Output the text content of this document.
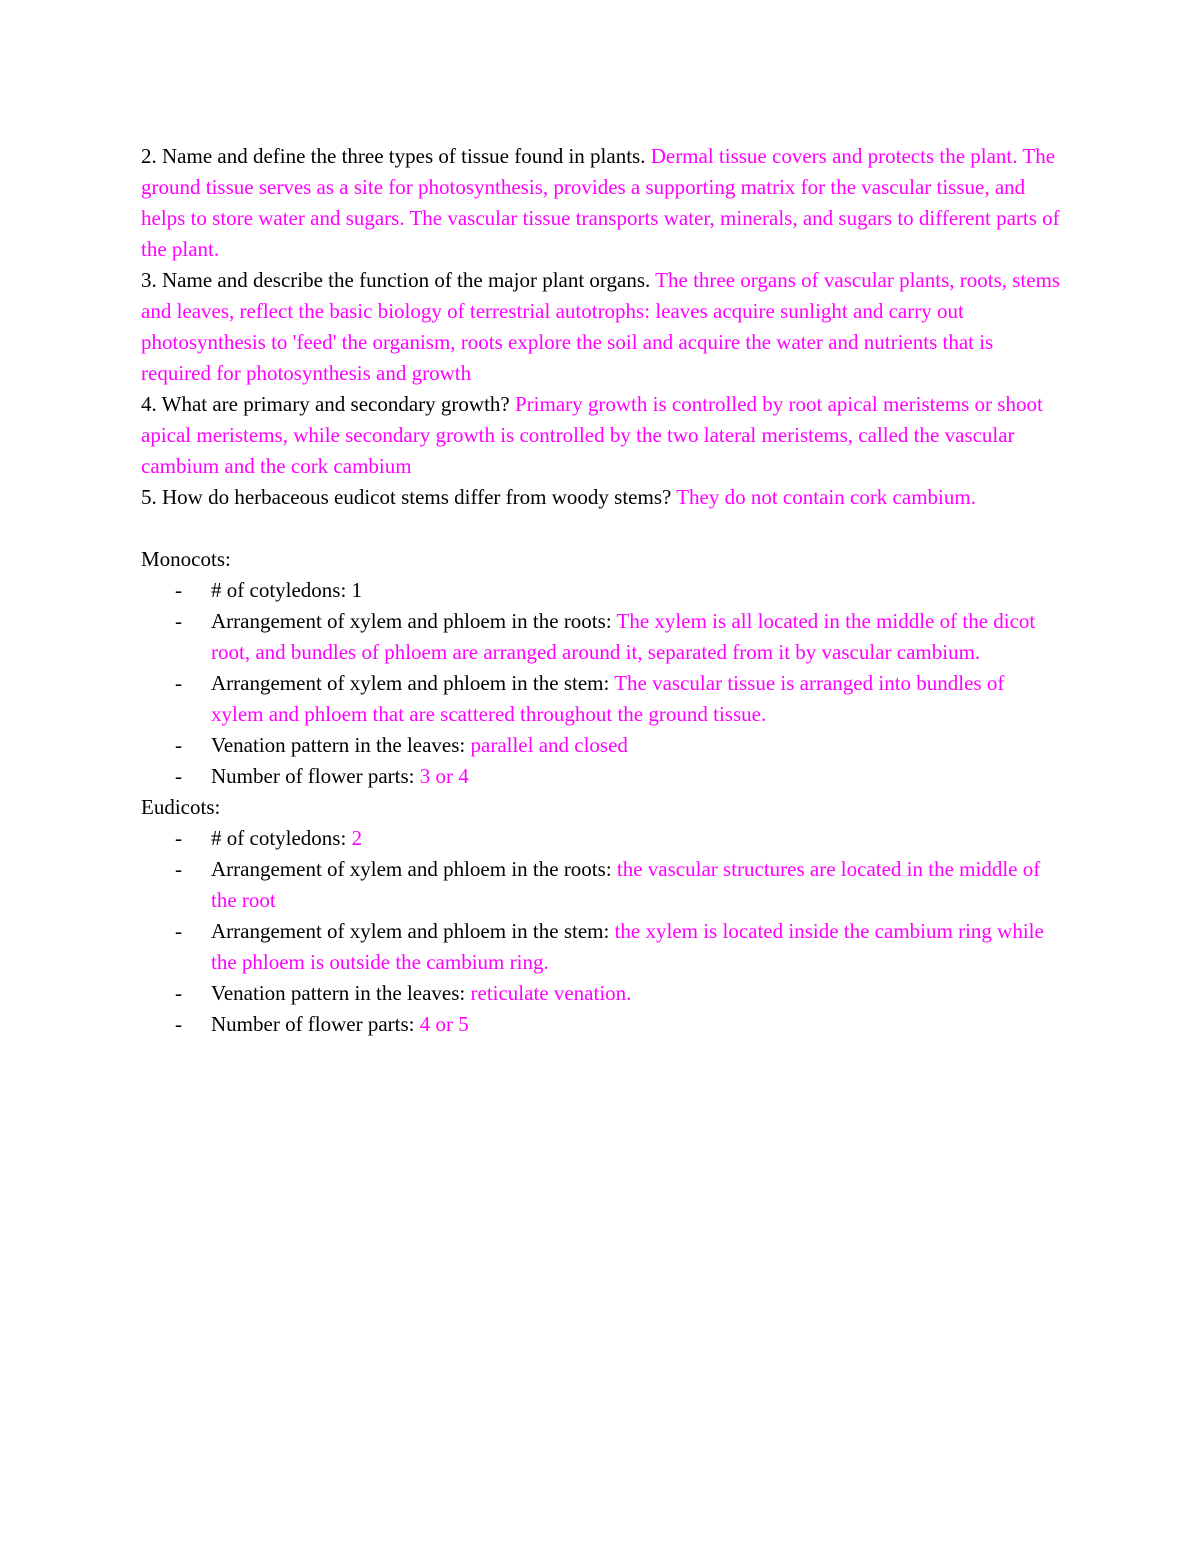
2. Name and define the three types of tissue found in plants. Dermal tissue covers and protects the plant. The ground tissue serves as a site for photosynthesis, provides a supporting matrix for the vascular tissue, and helps to store water and sugars. The vascular tissue transports water, minerals, and sugars to different parts of the plant.

3. Name and describe the function of the major plant organs. The three organs of vascular plants, roots, stems and leaves, reflect the basic biology of terrestrial autotrophs: leaves acquire sunlight and carry out photosynthesis to 'feed' the organism, roots explore the soil and acquire the water and nutrients that is required for photosynthesis and growth

4. What are primary and secondary growth? Primary growth is controlled by root apical meristems or shoot apical meristems, while secondary growth is controlled by the two lateral meristems, called the vascular cambium and the cork cambium

5. How do herbaceous eudicot stems differ from woody stems? They do not contain cork cambium.

Monocots:

- # of cotyledons: 1
- Arrangement of xylem and phloem in the roots: The xylem is all located in the middle of the dicot root, and bundles of phloem are arranged around it, separated from it by vascular cambium.
- Arrangement of xylem and phloem in the stem: The vascular tissue is arranged into bundles of xylem and phloem that are scattered throughout the ground tissue.
- Venation pattern in the leaves: parallel and closed
- Number of flower parts: 3 or 4

Eudicots:

- # of cotyledons: 2
- Arrangement of xylem and phloem in the roots: the vascular structures are located in the middle of the root
- Arrangement of xylem and phloem in the stem: the xylem is located inside the cambium ring while the phloem is outside the cambium ring.
- Venation pattern in the leaves: reticulate venation.
- Number of flower parts: 4 or 5
